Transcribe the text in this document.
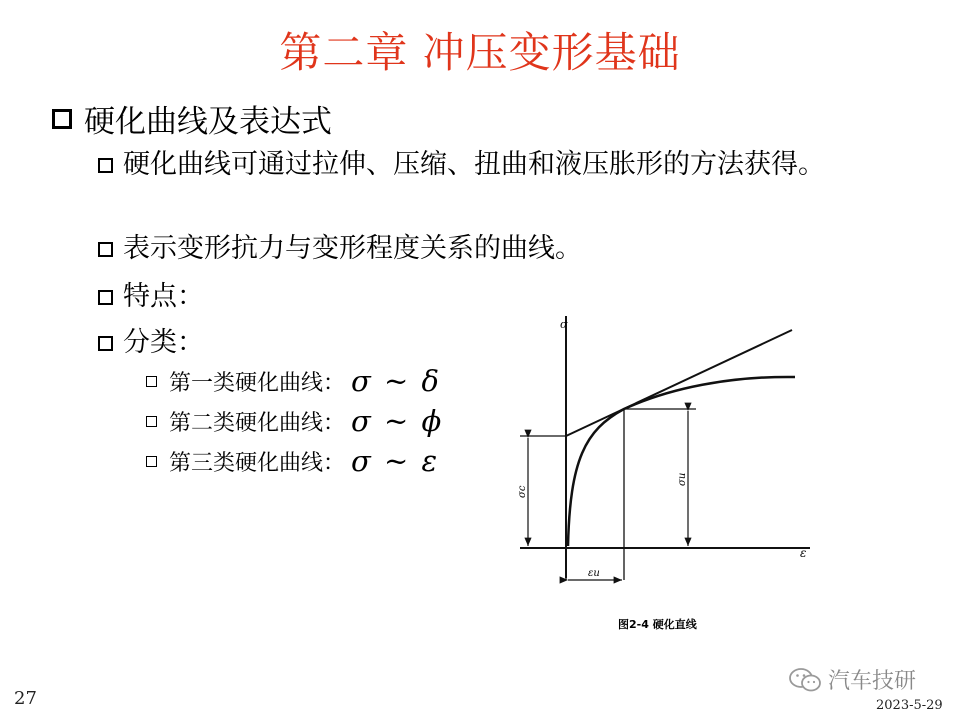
第二章 冲压变形基础
硬化曲线及表达式
硬化曲线可通过拉伸、压缩、扭曲和液压胀形的方法获得。
表示变形抗力与变形程度关系的曲线。
特点：
分类：
第一类硬化曲线： σ ~ δ
第二类硬化曲线： σ ~ ϕ
第三类硬化曲线： σ ~ ε
σ
ε
σc
σu
εu
图2-4 硬化直线
27
汽车技研
2023-5-29
